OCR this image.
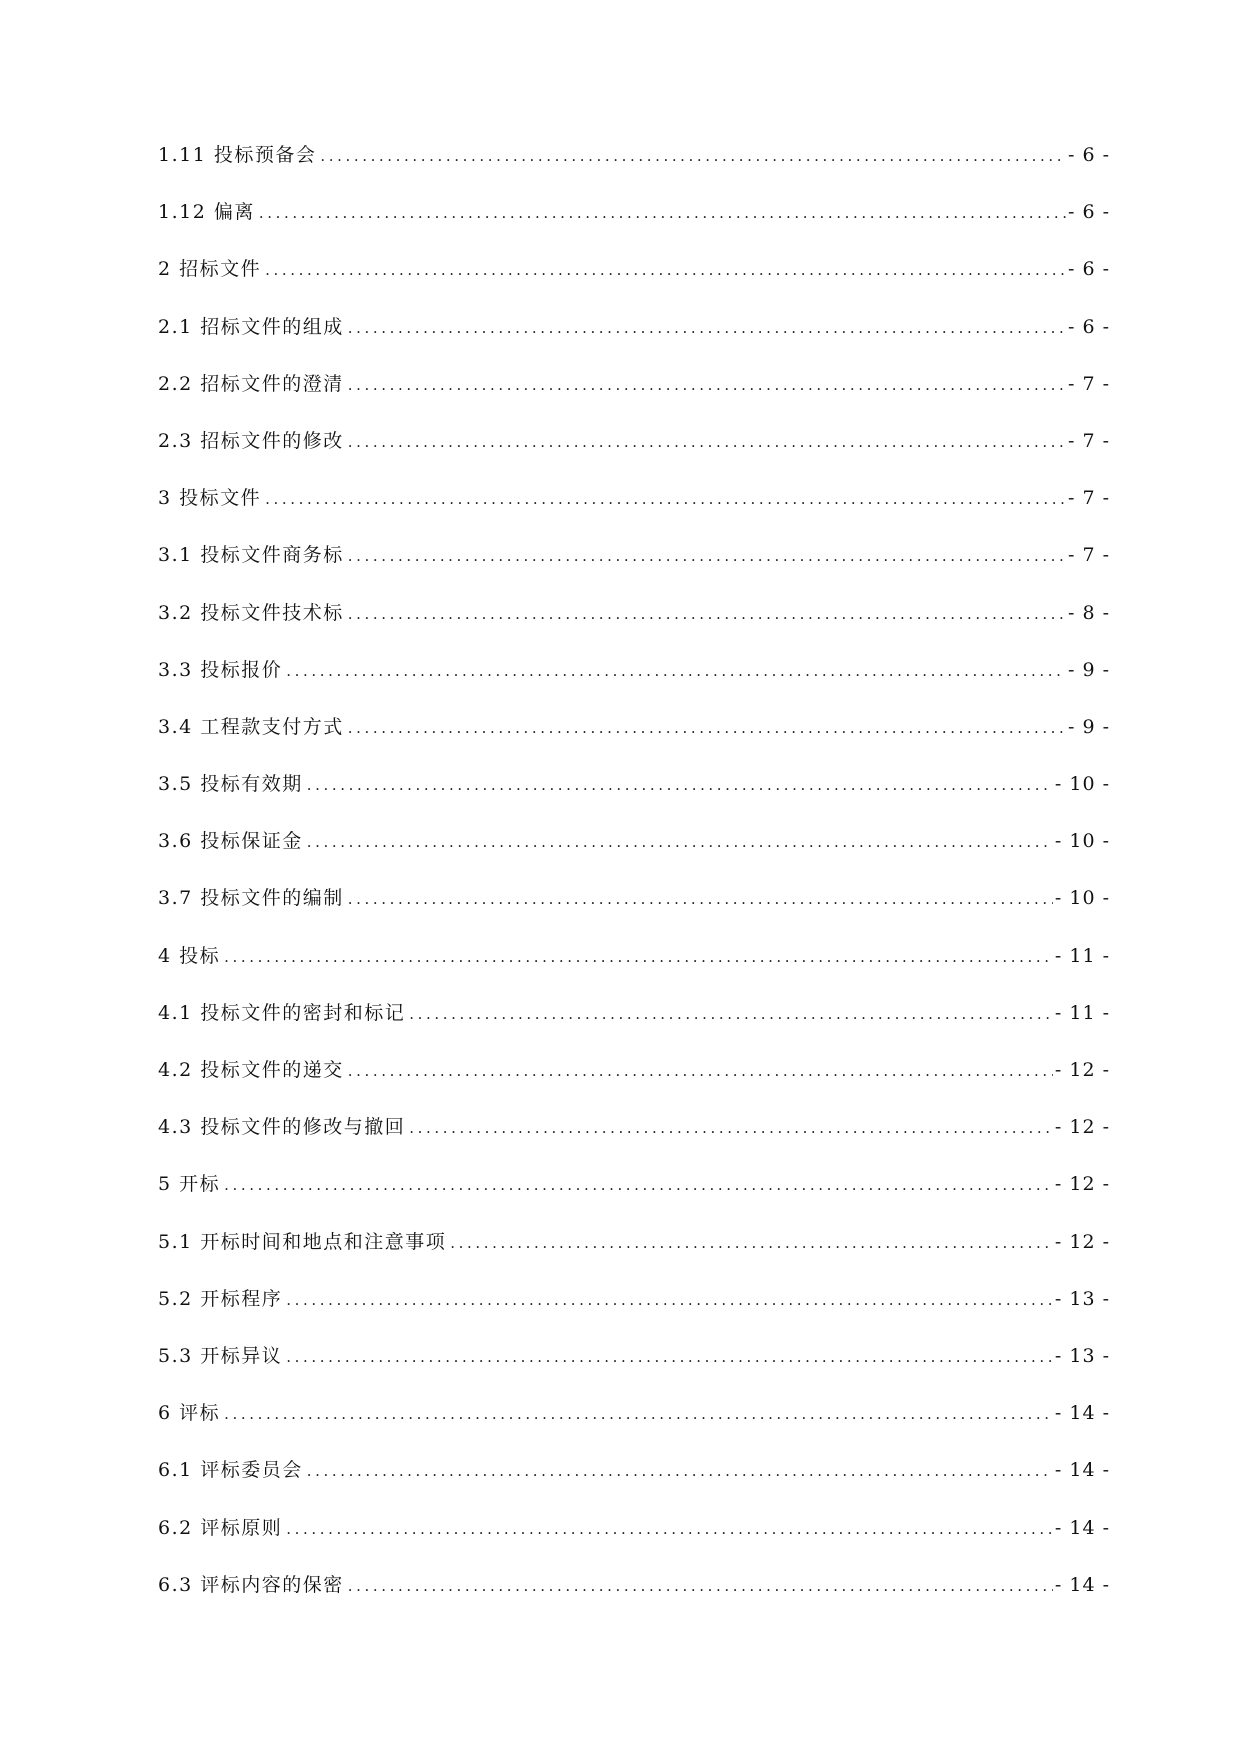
1.11 投标预备会 .....	- 6 -
1.12 偏离 .....	- 6 -
2 招标文件 .....	- 6 -
2.1 招标文件的组成 .....	- 6 -
2.2 招标文件的澄清 .....	- 7 -
2.3 招标文件的修改 .....	- 7 -
3 投标文件 .....	- 7 -
3.1 投标文件商务标 .....	- 7 -
3.2 投标文件技术标 .....	- 8 -
3.3 投标报价 .....	- 9 -
3.4 工程款支付方式 .....	- 9 -
3.5 投标有效期 .....	- 10 -
3.6 投标保证金 .....	- 10 -
3.7 投标文件的编制 .....	- 10 -
4 投标 .....	- 11 -
4.1 投标文件的密封和标记 .....	- 11 -
4.2 投标文件的递交 .....	- 12 -
4.3 投标文件的修改与撤回 .....	- 12 -
5 开标 .....	- 12 -
5.1 开标时间和地点和注意事项 .....	- 12 -
5.2 开标程序 .....	- 13 -
5.3 开标异议 .....	- 13 -
6 评标 .....	- 14 -
6.1 评标委员会 .....	- 14 -
6.2 评标原则 .....	- 14 -
6.3 评标内容的保密 .....	- 14 -
